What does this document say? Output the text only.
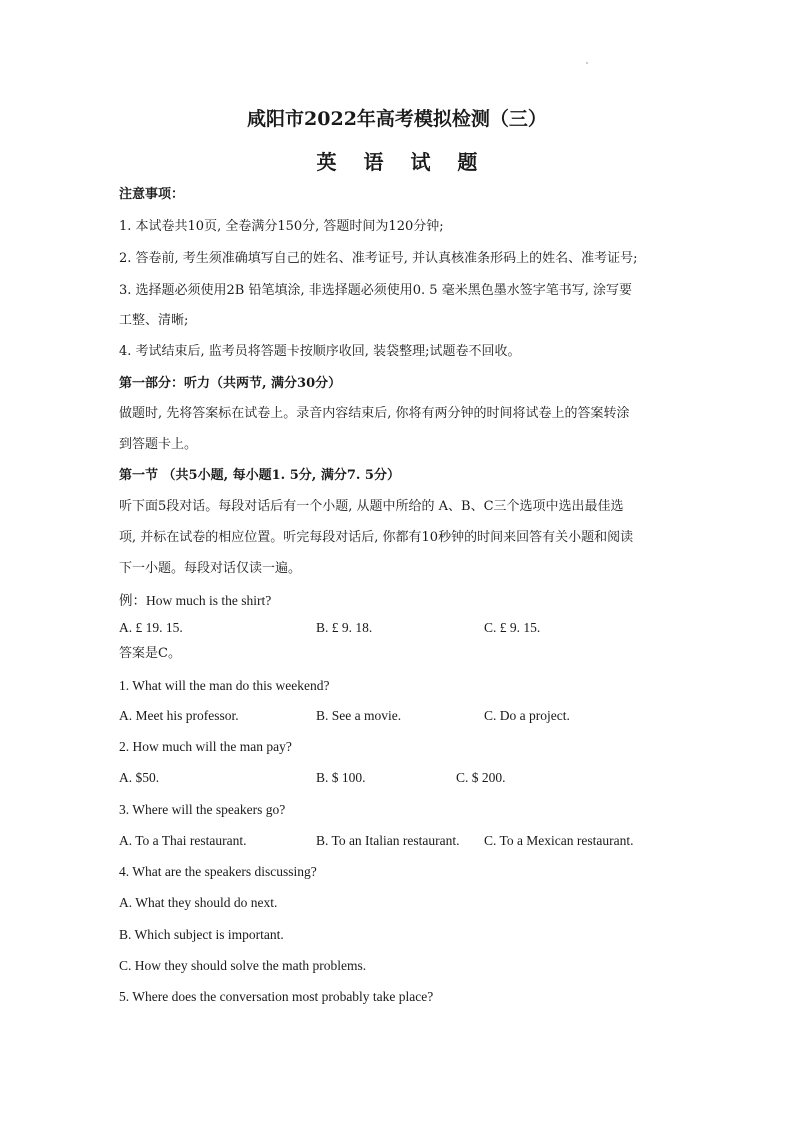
咸阳市2022年高考模拟检测（三）
英 语 试 题
注意事项：
1. 本试卷共10页, 全卷满分150分, 答题时间为120分钟;
2. 答卷前, 考生须准确填写自己的姓名、准考证号, 并认真核准条形码上的姓名、准考证号;
3. 选择题必须使用2B 铅笔填涂, 非选择题必须使用0. 5 毫米黑色墨水签字笔书写, 涂写要
工整、清晰;
4. 考试结束后, 监考员将答题卡按顺序收回, 装袋整理;试题卷不回收。
第一部分：听力（共两节, 满分30分）
做题时, 先将答案标在试卷上。录音内容结束后, 你将有两分钟的时间将试卷上的答案转涂
到答题卡上。
第一节 （共5小题, 每小题1. 5分, 满分7. 5分）
听下面5段对话。每段对话后有一个小题, 从题中所给的 A、B、C三个选项中选出最佳选
项, 并标在试卷的相应位置。听完每段对话后, 你都有10秒钟的时间来回答有关小题和阅读
下一小题。每段对话仅读一遍。
例：How much is the shirt?
A. £ 19. 15.	B. £ 9. 18.	C. £ 9. 15.
答案是C。
1. What will the man do this weekend?
A. Meet his professor.	B. See a movie.	C. Do a project.
2. How much will the man pay?
A. $50.	B. $ 100.	C. $ 200.
3. Where will the speakers go?
A. To a Thai restaurant.	B. To an Italian restaurant. C. To a Mexican restaurant.
4. What are the speakers discussing?
A. What they should do next.
B. Which subject is important.
C. How they should solve the math problems.
5. Where does the conversation most probably take place?
